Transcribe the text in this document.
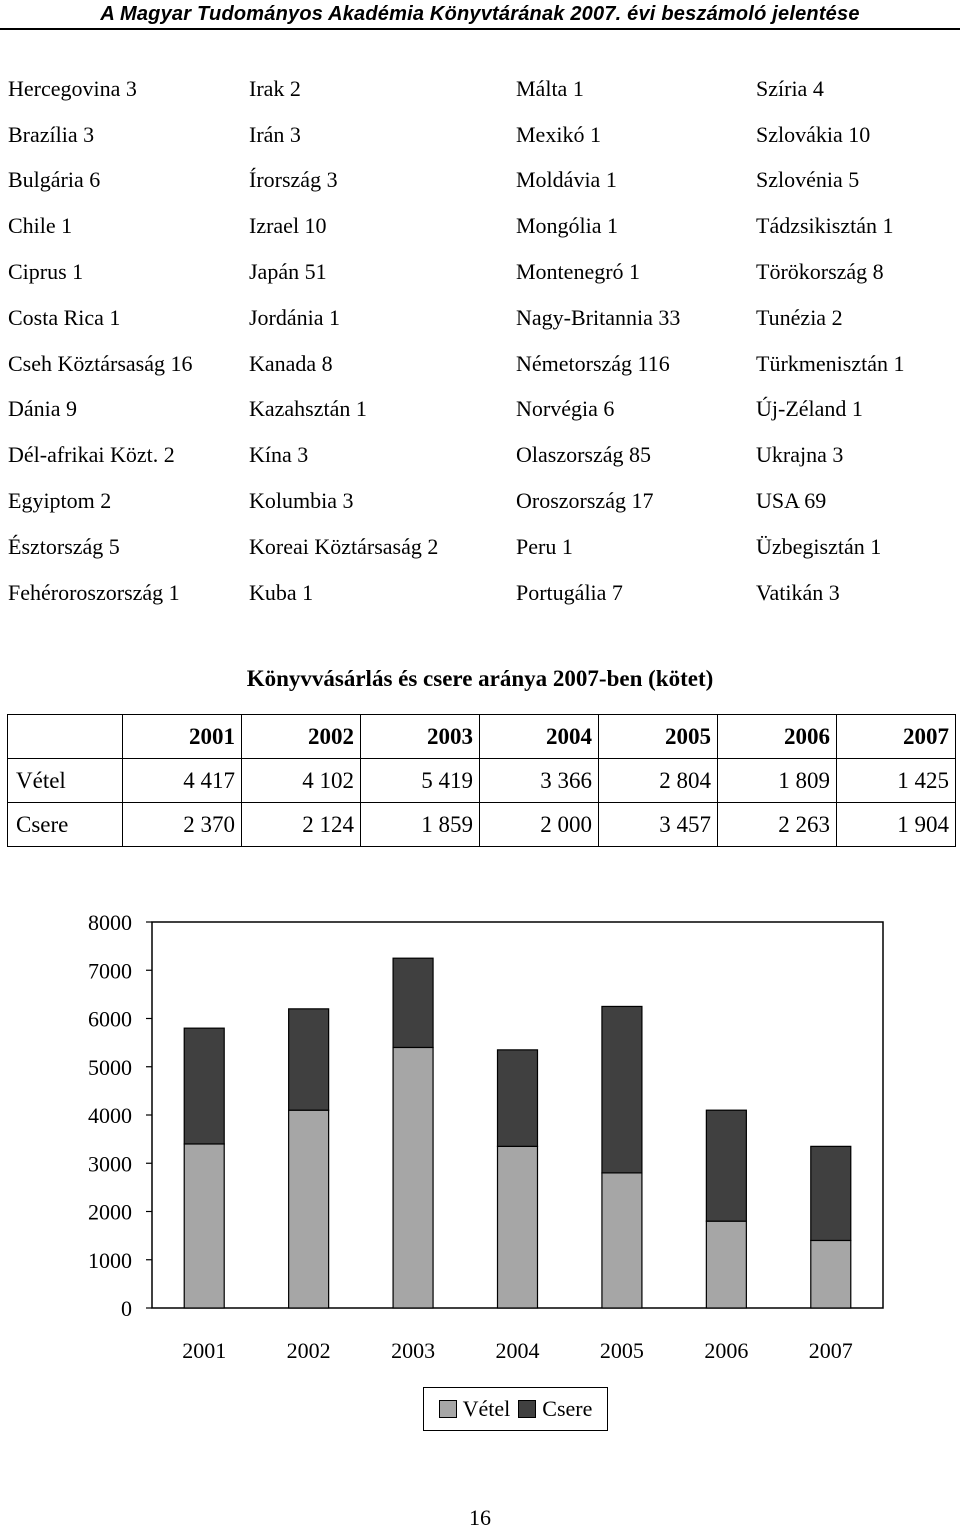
A Magyar Tudományos Akadémia Könyvtárának 2007. évi beszámoló jelentése
Hercegovina 3	Irak 2	Málta 1	Szíria 4
Brazília 3	Irán 3	Mexikó 1	Szlovákia 10
Bulgária 6	Írország 3	Moldávia 1	Szlovénia 5
Chile 1	Izrael 10	Mongólia 1	Tádzsikisztán 1
Ciprus 1	Japán 51	Montenegró 1	Törökország 8
Costa Rica 1	Jordánia 1	Nagy-Britannia 33	Tunézia 2
Cseh Köztársaság 16	Kanada 8	Németország 116	Türkmenisztán 1
Dánia 9	Kazahsztán 1	Norvégia 6	Új-Zéland 1
Dél-afrikai Közt. 2	Kína 3	Olaszország 85	Ukrajna 3
Egyiptom 2	Kolumbia 3	Oroszország 17	USA 69
Észtország 5	Koreai Köztársaság 2	Peru 1	Üzbegisztán 1
Fehéroroszország 1	Kuba 1	Portugália 7	Vatikán 3
Könyvvásárlás és csere aránya 2007-ben (kötet)
	2001	2002	2003	2004	2005	2006	2007
Vétel	4 417	4 102	5 419	3 366	2 804	1 809	1 425
Csere	2 370	2 124	1 859	2 000	3 457	2 263	1 904
0
1000
2000
3000
4000
5000
6000
7000
8000
2001	2002	2003	2004	2005	2006	2007
Vétel Csere
16
